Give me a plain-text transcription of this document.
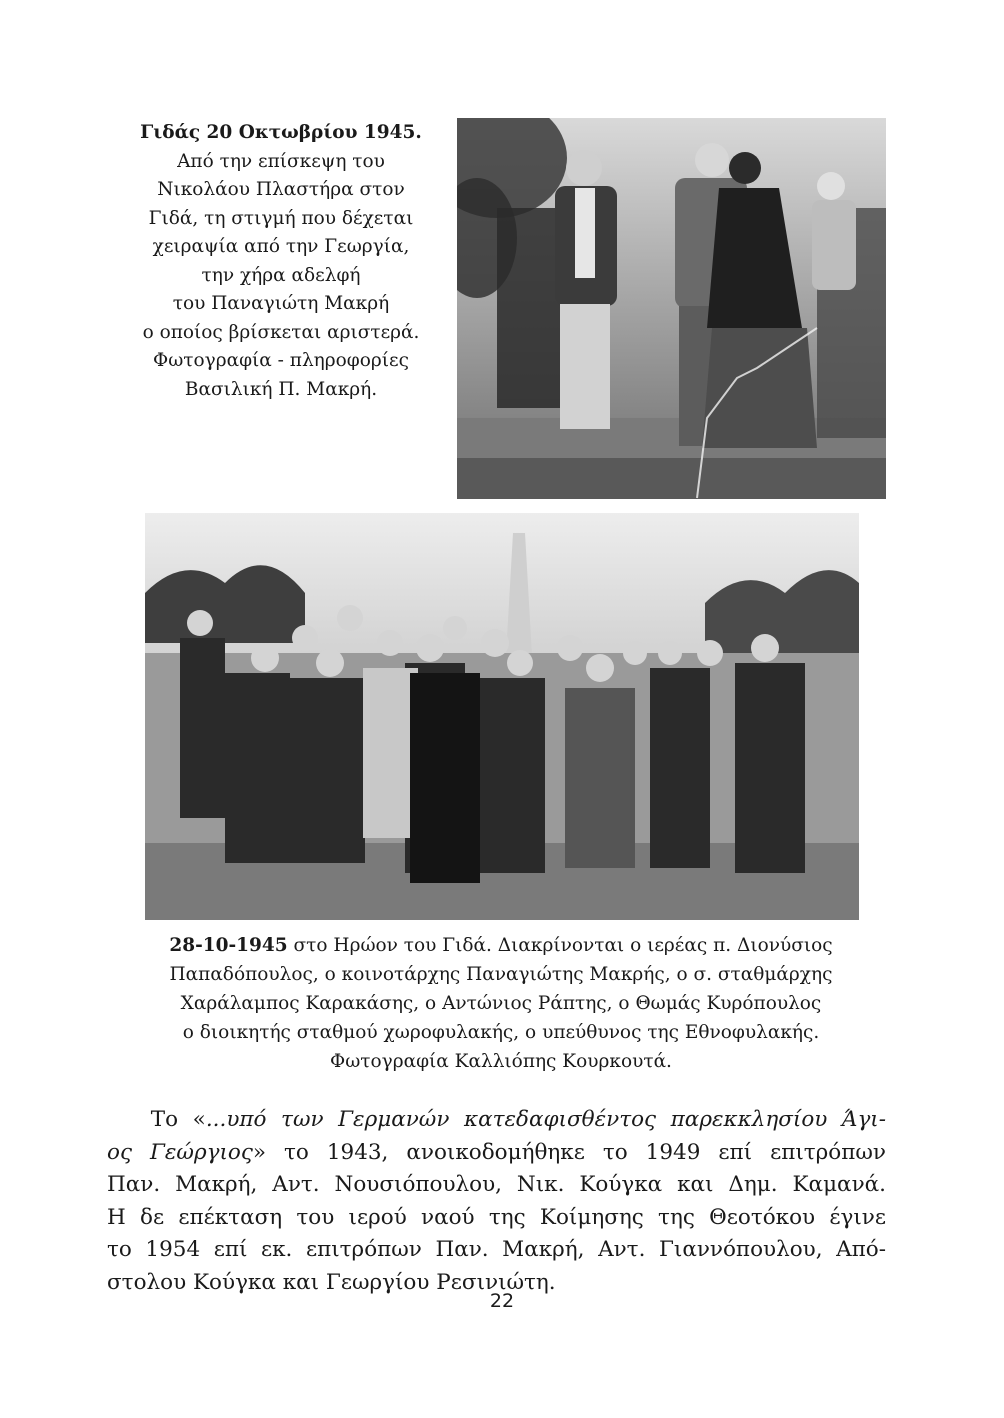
Γιδάς 20 Οκτωβρίου 1945.
Από την επίσκεψη του
Νικολάου Πλαστήρα στον
Γιδά, τη στιγμή που δέχεται
χειραψία από την Γεωργία,
την χήρα αδελφή
του Παναγιώτη Μακρή
ο οποίος βρίσκεται αριστερά.
Φωτογραφία - πληροφορίες
Βασιλική Π. Μακρή.
28-10-1945 στο Ηρώον του Γιδά. Διακρίνονται ο ιερέας π. Διονύσιος
Παπαδόπουλος, ο κοινοτάρχης Παναγιώτης Μακρής, ο σ. σταθμάρχης
Χαράλαμπος Καρακάσης, ο Αντώνιος Ράπτης, ο Θωμάς Κυρόπουλος
ο διοικητής σταθμού χωροφυλακής, ο υπεύθυνος της Εθνοφυλακής.
Φωτογραφία Καλλιόπης Κουρκουτά.
Το «...υπό των Γερμανών κατεδαφισθέντος παρεκκλησίου Άγι-
ος Γεώργιος» το 1943, ανοικοδομήθηκε το 1949 επί επιτρόπων
Παν. Μακρή, Αντ. Νουσιόπουλου, Νικ. Κούγκα και Δημ. Καμανά.
Η δε επέκταση του ιερού ναού της Κοίμησης της Θεοτόκου έγινε
το 1954 επί εκ. επιτρόπων Παν. Μακρή, Αντ. Γιαννόπουλου, Από-
στολου Κούγκα και Γεωργίου Ρεσινιώτη.
22
